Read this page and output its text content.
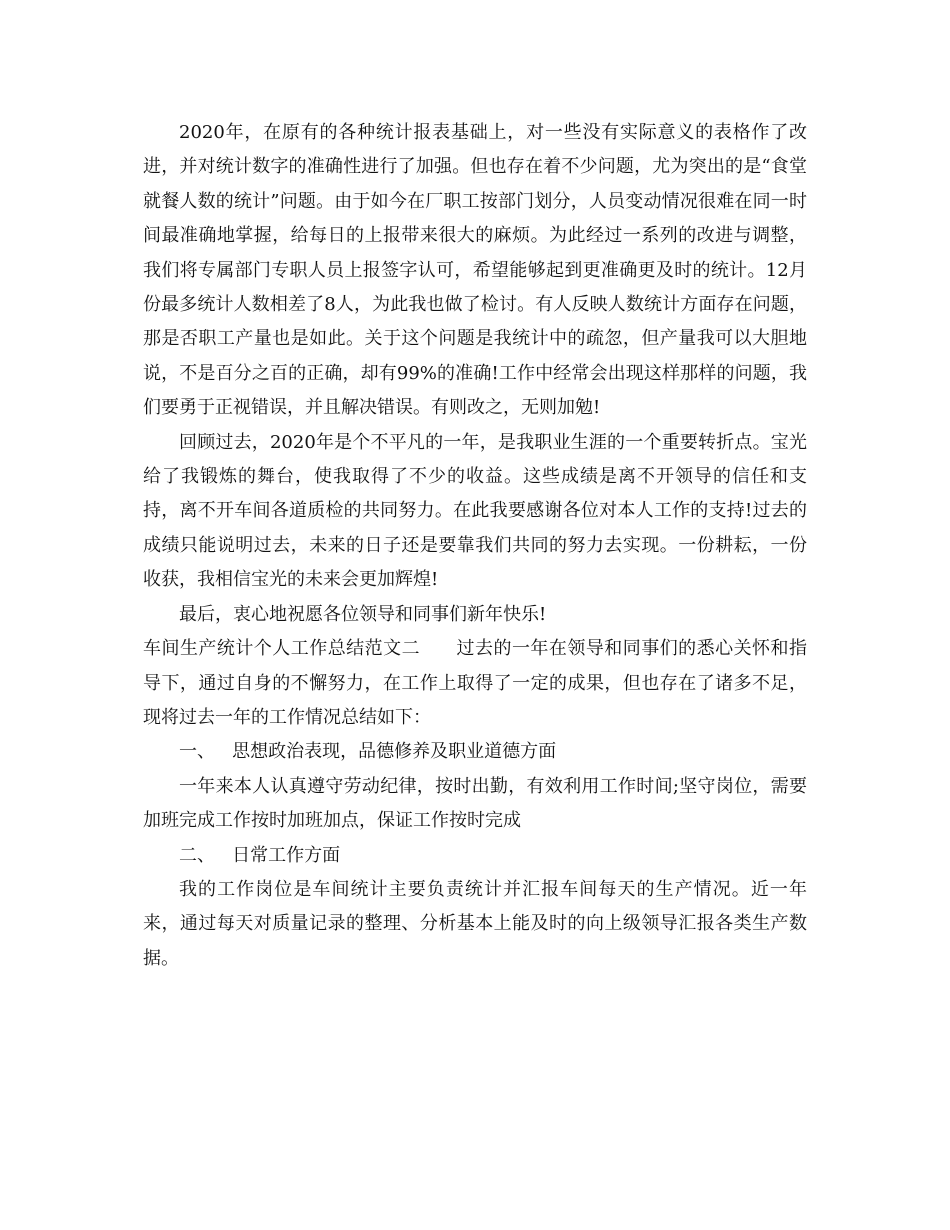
2020年，在原有的各种统计报表基础上，对一些没有实际意义的表格作了改进，并对统计数字的准确性进行了加强。但也存在着不少问题，尤为突出的是“食堂就餐人数的统计”问题。由于如今在厂职工按部门划分，人员变动情况很难在同一时间最准确地掌握，给每日的上报带来很大的麻烦。为此经过一系列的改进与调整，我们将专属部门专职人员上报签字认可，希望能够起到更准确更及时的统计。12月份最多统计人数相差了8人，为此我也做了检讨。有人反映人数统计方面存在问题，那是否职工产量也是如此。关于这个问题是我统计中的疏忽，但产量我可以大胆地说，不是百分之百的正确，却有99%的准确!工作中经常会出现这样那样的问题，我们要勇于正视错误，并且解决错误。有则改之，无则加勉!

回顾过去，2020年是个不平凡的一年，是我职业生涯的一个重要转折点。宝光给了我锻炼的舞台，使我取得了不少的收益。这些成绩是离不开领导的信任和支持，离不开车间各道质检的共同努力。在此我要感谢各位对本人工作的支持!过去的成绩只能说明过去，未来的日子还是要靠我们共同的努力去实现。一份耕耘，一份收获，我相信宝光的未来会更加辉煌!

最后，衷心地祝愿各位领导和同事们新年快乐!

车间生产统计个人工作总结范文二 过去的一年在领导和同事们的悉心关怀和指导下，通过自身的不懈努力，在工作上取得了一定的成果，但也存在了诸多不足，现将过去一年的工作情况总结如下：

一、 思想政治表现，品德修养及职业道德方面

一年来本人认真遵守劳动纪律，按时出勤，有效利用工作时间;坚守岗位，需要加班完成工作按时加班加点，保证工作按时完成

二、 日常工作方面

我的工作岗位是车间统计主要负责统计并汇报车间每天的生产情况。近一年来，通过每天对质量记录的整理、分析基本上能及时的向上级领导汇报各类生产数据。
